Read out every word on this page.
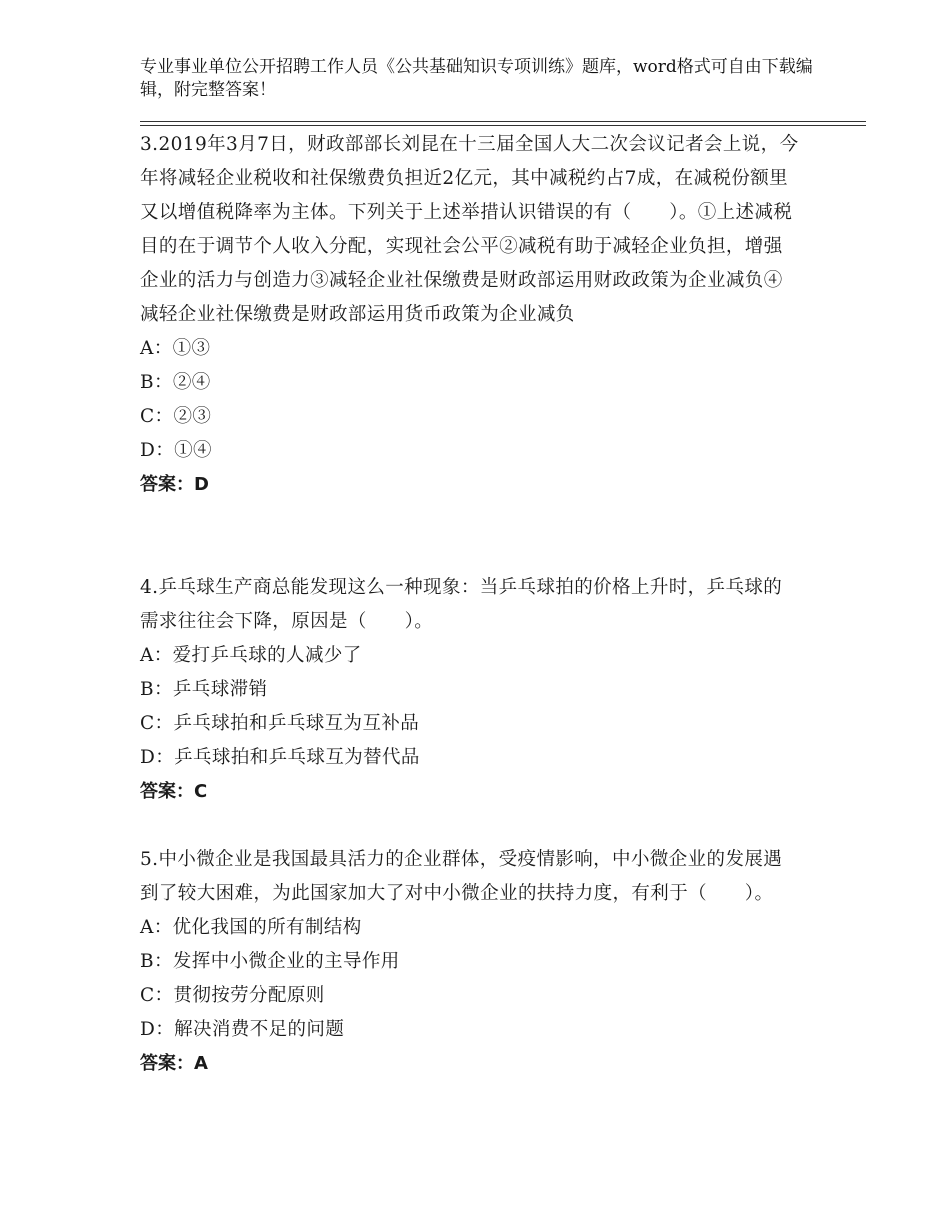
专业事业单位公开招聘工作人员《公共基础知识专项训练》题库，word格式可自由下载编辑，附完整答案！

3.2019年3月7日，财政部部长刘昆在十三届全国人大二次会议记者会上说，今年将减轻企业税收和社保缴费负担近2亿元，其中减税约占7成，在减税份额里又以增值税降率为主体。下列关于上述举措认识错误的有（　　）。①上述减税目的在于调节个人收入分配，实现社会公平②减税有助于减轻企业负担，增强企业的活力与创造力③减轻企业社保缴费是财政部运用财政政策为企业减负④减轻企业社保缴费是财政部运用货币政策为企业减负

A：①③

B：②④

C：②③

D：①④

答案：D

4.乒乓球生产商总能发现这么一种现象：当乒乓球拍的价格上升时，乒乓球的需求往往会下降，原因是（　　）。

A：爱打乒乓球的人减少了

B：乒乓球滞销

C：乒乓球拍和乒乓球互为互补品

D：乒乓球拍和乒乓球互为替代品

答案：C

5.中小微企业是我国最具活力的企业群体，受疫情影响，中小微企业的发展遇到了较大困难，为此国家加大了对中小微企业的扶持力度，有利于（　　）。

A：优化我国的所有制结构

B：发挥中小微企业的主导作用

C：贯彻按劳分配原则

D：解决消费不足的问题

答案：A
